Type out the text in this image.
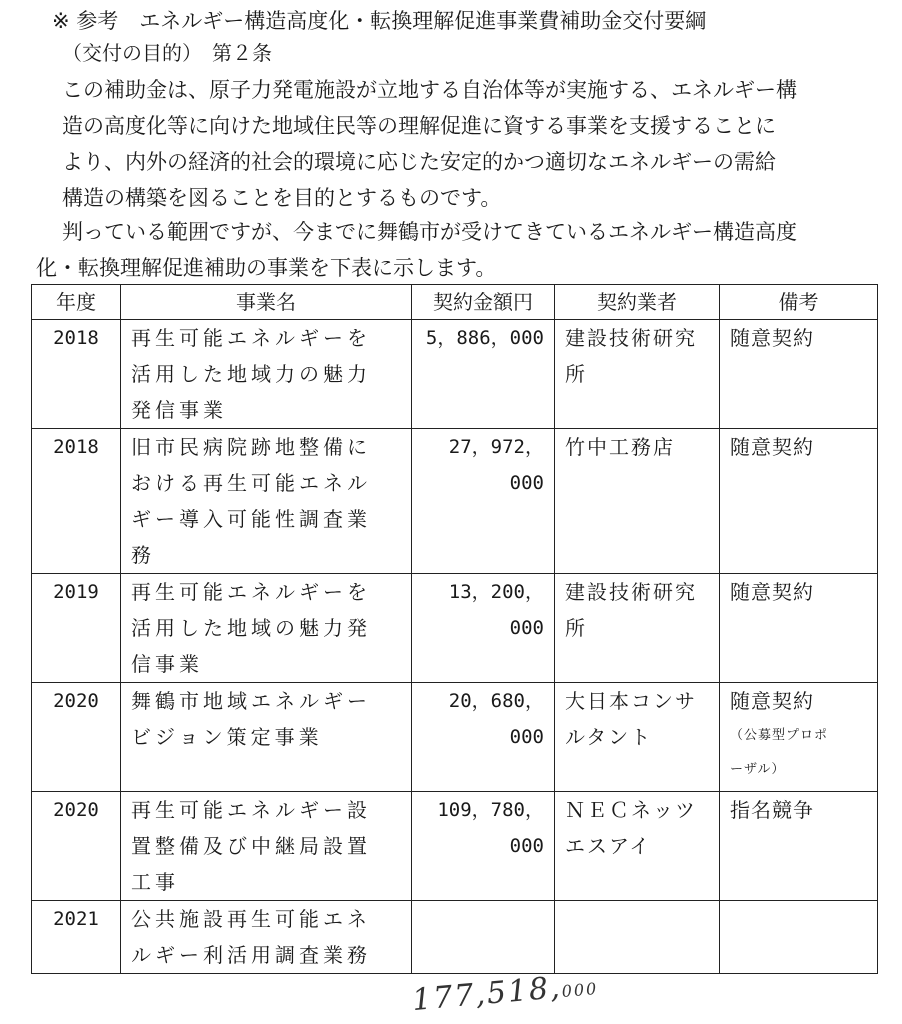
※ 参考　エネルギー構造高度化・転換理解促進事業費補助金交付要綱
（交付の目的）　第２条

この補助金は、原子力発電施設が立地する自治体等が実施する、エネルギー構
造の高度化等に向けた地域住民等の理解促進に資する事業を支援することに
より、内外の経済的社会的環境に応じた安定的かつ適切なエネルギーの需給
構造の構築を図ることを目的とするものです。

判っている範囲ですが、今までに舞鶴市が受けてきているエネルギー構造高度
化・転換理解促進補助の事業を下表に示します。

年度	事業名	契約金額円	契約業者	備考
2018	再生可能エネルギーを
活用した地域力の魅力
発信事業	5，886，000	建設技術研究
所	随意契約

2018	旧市民病院跡地整備に
おける再生可能エネル
ギー導入可能性調査業
務	27，972，000	竹中工務店	随意契約

2019	再生可能エネルギーを
活用した地域の魅力発
信事業	13，200，000	建設技術研究
所	随意契約

2020	舞鶴市地域エネルギー
ビジョン策定事業	20，680，000	大日本コンサ
ルタント	随意契約
（公募型プロポ
ーザル）

2020	再生可能エネルギー設
置整備及び中継局設置
工事	109，780，000	ＮＥＣネッツ
エスアイ	指名競争

2021	公共施設再生可能エネ
ルギー利活用調査業務			

177,518,000
